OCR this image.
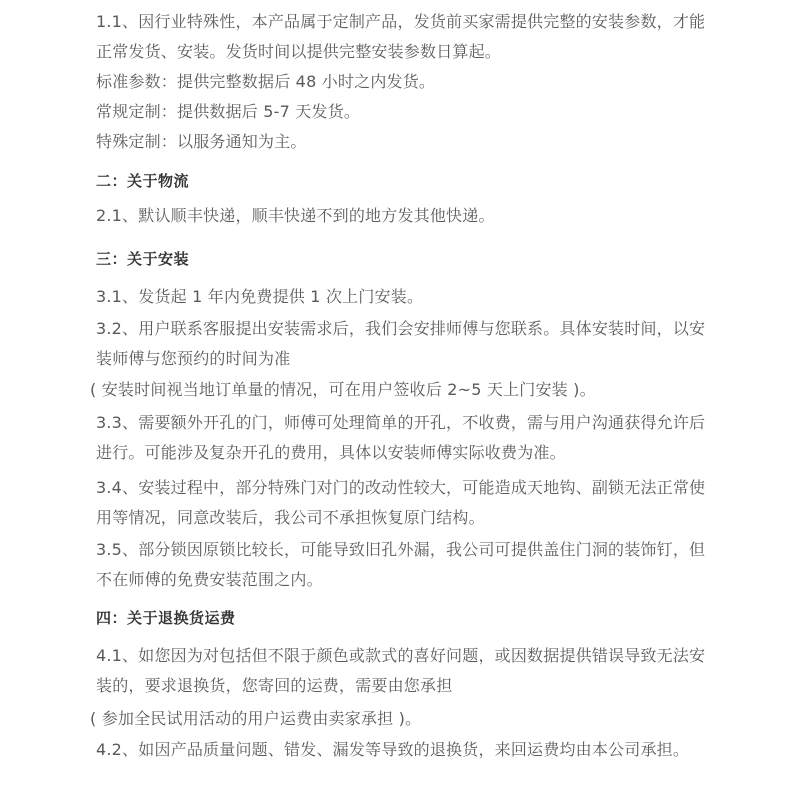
1.1、因行业特殊性，本产品属于定制产品，发货前买家需提供完整的安装参数，才能正常发货、安装。发货时间以提供完整安装参数日算起。

标准参数：提供完整数据后 48 小时之内发货。

常规定制：提供数据后 5-7 天发货。

特殊定制：以服务通知为主。

二：关于物流

2.1、默认顺丰快递，顺丰快递不到的地方发其他快递。

三：关于安装

3.1、发货起 1 年内免费提供 1 次上门安装。

3.2、用户联系客服提出安装需求后，我们会安排师傅与您联系。具体安装时间，以安装师傅与您预约的时间为准

( 安装时间视当地订单量的情况，可在用户签收后 2~5 天上门安装 )。

3.3、需要额外开孔的门，师傅可处理简单的开孔，不收费，需与用户沟通获得允许后进行。可能涉及复杂开孔的费用，具体以安装师傅实际收费为准。

3.4、安装过程中，部分特殊门对门的改动性较大，可能造成天地钩、副锁无法正常使用等情况，同意改装后，我公司不承担恢复原门结构。

3.5、部分锁因原锁比较长，可能导致旧孔外漏，我公司可提供盖住门洞的装饰钉，但不在师傅的免费安装范围之内。

四：关于退换货运费

4.1、如您因为对包括但不限于颜色或款式的喜好问题，或因数据提供错误导致无法安装的，要求退换货，您寄回的运费，需要由您承担

( 参加全民试用活动的用户运费由卖家承担 )。

4.2、如因产品质量问题、错发、漏发等导致的退换货，来回运费均由本公司承担。
